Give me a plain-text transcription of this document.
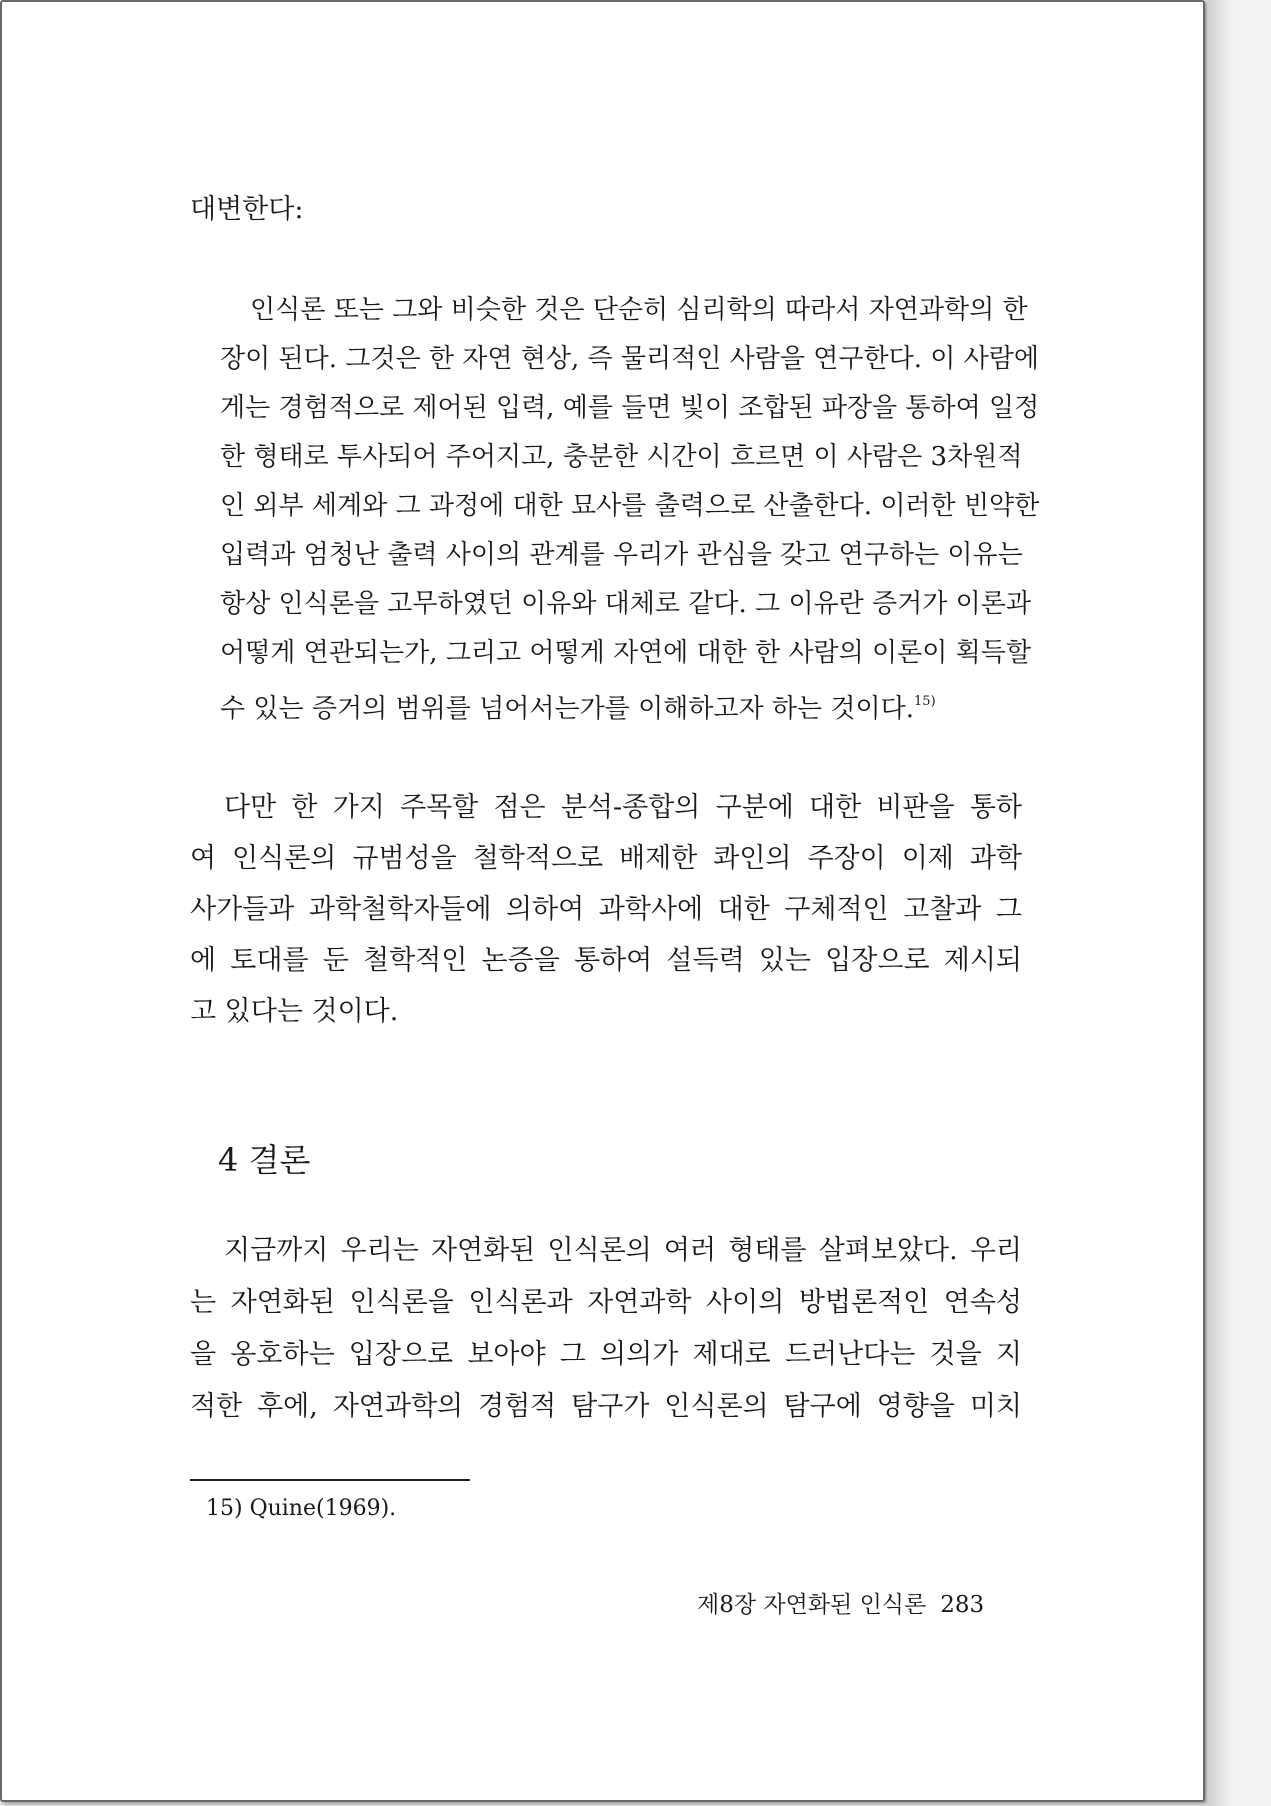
대변한다:
인식론 또는 그와 비슷한 것은 단순히 심리학의 따라서 자연과학의 한
장이 된다. 그것은 한 자연 현상, 즉 물리적인 사람을 연구한다. 이 사람에
게는 경험적으로 제어된 입력, 예를 들면 빛이 조합된 파장을 통하여 일정
한 형태로 투사되어 주어지고, 충분한 시간이 흐르면 이 사람은 3차원적
인 외부 세계와 그 과정에 대한 묘사를 출력으로 산출한다. 이러한 빈약한
입력과 엄청난 출력 사이의 관계를 우리가 관심을 갖고 연구하는 이유는
항상 인식론을 고무하였던 이유와 대체로 같다. 그 이유란 증거가 이론과
어떻게 연관되는가, 그리고 어떻게 자연에 대한 한 사람의 이론이 획득할
수 있는 증거의 범위를 넘어서는가를 이해하고자 하는 것이다.$^{15)}$
다만 한 가지 주목할 점은 분석-종합의 구분에 대한 비판을 통하
여 인식론의 규범성을 철학적으로 배제한 콰인의 주장이 이제 과학
사가들과 과학철학자들에 의하여 과학사에 대한 구체적인 고찰과 그
에 토대를 둔 철학적인 논증을 통하여 설득력 있는 입장으로 제시되
고 있다는 것이다.
4 결론
지금까지 우리는 자연화된 인식론의 여러 형태를 살펴보았다. 우리
는 자연화된 인식론을 인식론과 자연과학 사이의 방법론적인 연속성
을 옹호하는 입장으로 보아야 그 의의가 제대로 드러난다는 것을 지
적한 후에, 자연과학의 경험적 탐구가 인식론의 탐구에 영향을 미치
15) Quine(1969).
제8장 자연화된 인식론 283
